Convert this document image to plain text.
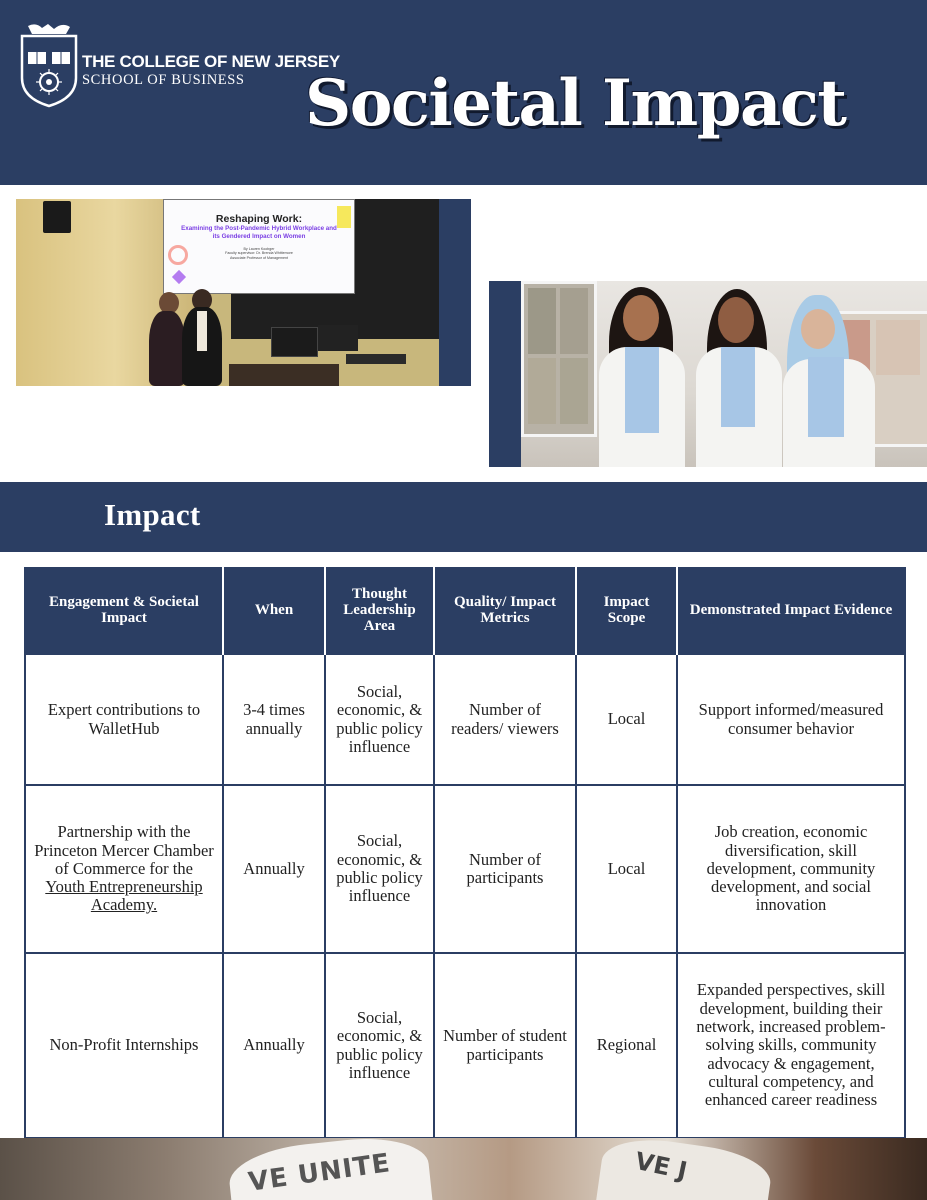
THE COLLEGE OF NEW JERSEY
SCHOOL OF BUSINESS Societal Impact
Reshaping Work:
Examining the Post-Pandemic Hybrid Workplace and its Gendered Impact on Women
By Lauren Koobger
Faculty supervisor: Dr. Brenda Whittemore
Associate Professor of Management
Impact
Engagement & Societal Impact	When	Thought Leadership Area	Quality/ Impact Metrics	Impact Scope	Demonstrated Impact Evidence
Expert contributions to WalletHub	3-4 times annually	Social, economic, & public policy influence	Number of readers/ viewers	Local	Support informed/measured consumer behavior
Partnership with the Princeton Mercer Chamber of Commerce for the Youth Entrepreneurship Academy.	Annually	Social, economic, & public policy influence	Number of participants	Local	Job creation, economic diversification, skill development, community development, and social innovation
Non-Profit Internships	Annually	Social, economic, & public policy influence	Number of student participants	Regional	Expanded perspectives, skill development, building their network, increased problem-solving skills, community advocacy & engagement, cultural competency, and enhanced career readiness
VE UNITE	VE J
